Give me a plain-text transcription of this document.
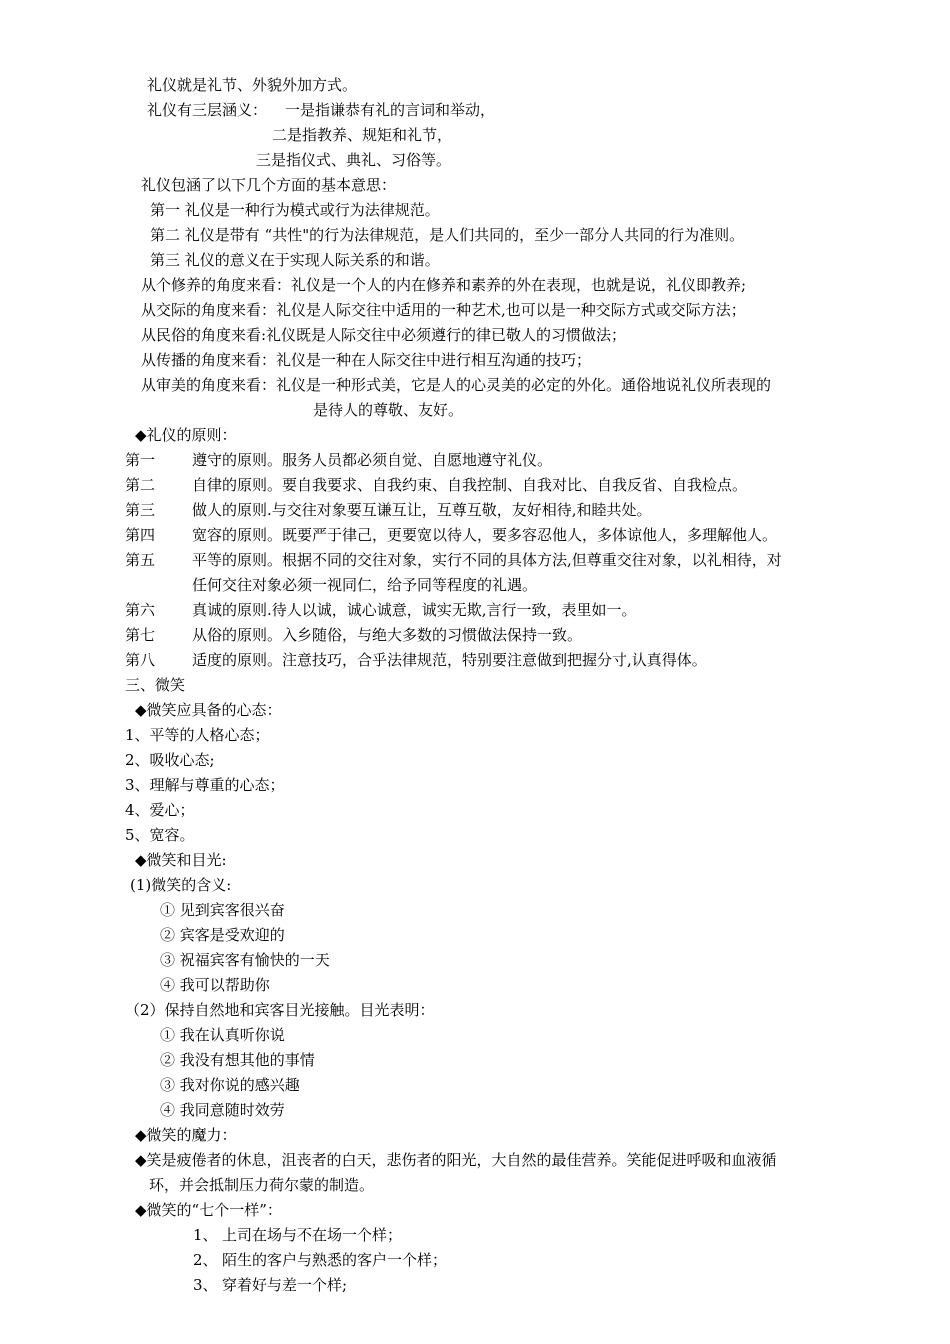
礼仪就是礼节、外貌外加方式。
礼仪有三层涵义： 一是指谦恭有礼的言词和举动，
二是指教养、规矩和礼节，
三是指仪式、典礼、习俗等。
礼仪包涵了以下几个方面的基本意思：
第一 礼仪是一种行为模式或行为法律规范。
第二 礼仪是带有 “共性"的行为法律规范，是人们共同的，至少一部分人共同的行为准则。
第三 礼仪的意义在于实现人际关系的和谐。
从个修养的角度来看：礼仪是一个人的内在修养和素养的外在表现，也就是说，礼仪即教养;
从交际的角度来看：礼仪是人际交往中适用的一种艺术,也可以是一种交际方式或交际方法；
从民俗的角度来看:礼仪既是人际交往中必须遵行的律已敬人的习惯做法；
从传播的角度来看：礼仪是一种在人际交往中进行相互沟通的技巧；
从审美的角度来看：礼仪是一种形式美，它是人的心灵美的必定的外化。通俗地说礼仪所表现的
是待人的尊敬、友好。
◆礼仪的原则：
第一 遵守的原则。服务人员都必须自觉、自愿地遵守礼仪。
第二 自律的原则。要自我要求、自我约束、自我控制、自我对比、自我反省、自我检点。
第三 做人的原则.与交往对象要互谦互让，互尊互敬，友好相待,和睦共处。
第四 宽容的原则。既要严于律己，更要宽以待人，要多容忍他人，多体谅他人，多理解他人。
第五 平等的原则。根据不同的交往对象，实行不同的具体方法,但尊重交往对象，以礼相待，对
任何交往对象必须一视同仁，给予同等程度的礼遇。
第六 真诚的原则.待人以诚，诚心诚意，诚实无欺,言行一致，表里如一。
第七 从俗的原则。入乡随俗，与绝大多数的习惯做法保持一致。
第八 适度的原则。注意技巧，合乎法律规范，特别要注意做到把握分寸,认真得体。
三、微笑
◆微笑应具备的心态：
1、平等的人格心态；
2、吸收心态;
3、理解与尊重的心态；
4、爱心；
5、宽容。
◆微笑和目光:
(1)微笑的含义:
① 见到宾客很兴奋
② 宾客是受欢迎的
③ 祝福宾客有愉快的一天
④ 我可以帮助你
（2）保持自然地和宾客目光接触。目光表明：
① 我在认真听你说
② 我没有想其他的事情
③ 我对你说的感兴趣
④ 我同意随时效劳
◆微笑的魔力：
◆笑是疲倦者的休息，沮丧者的白天，悲伤者的阳光，大自然的最佳营养。笑能促进呼吸和血液循
环，并会抵制压力荷尔蒙的制造。
◆微笑的“七个一样”：
1、 上司在场与不在场一个样；
2、 陌生的客户与熟悉的客户一个样；
3、 穿着好与差一个样;
